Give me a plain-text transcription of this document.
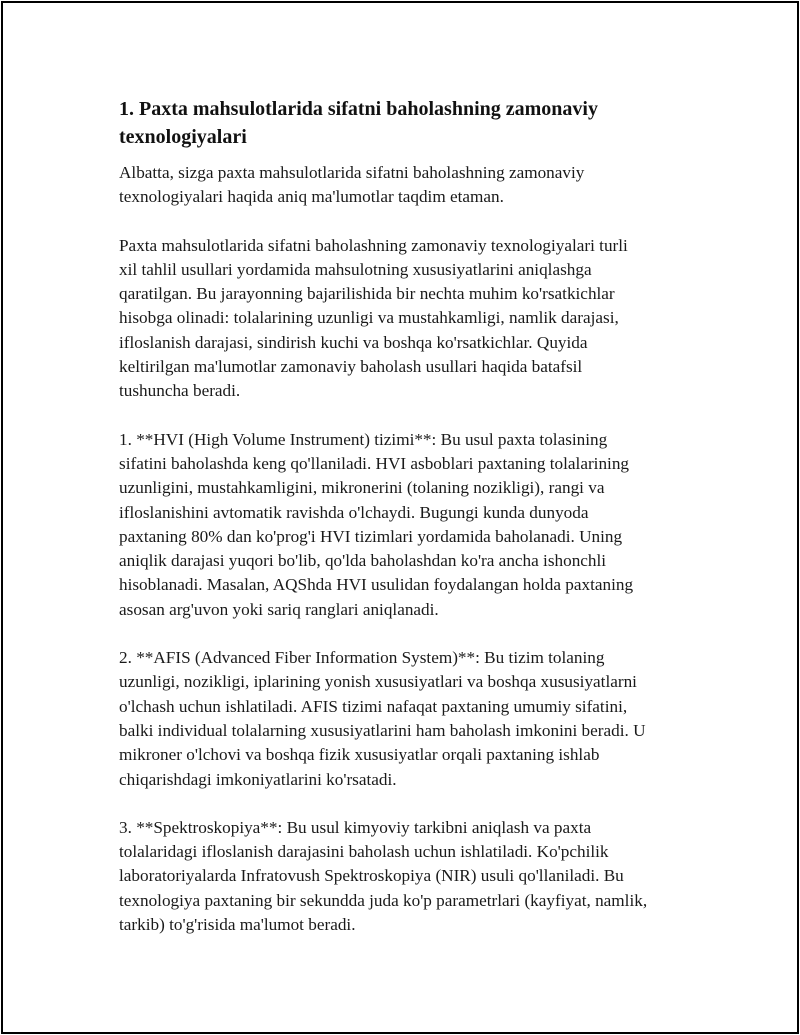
1. Paxta mahsulotlarida sifatni baholashning zamonaviy texnologiyalari

Albatta, sizga paxta mahsulotlarida sifatni baholashning zamonaviy
texnologiyalari haqida aniq ma'lumotlar taqdim etaman.

Paxta mahsulotlarida sifatni baholashning zamonaviy texnologiyalari turli
xil tahlil usullari yordamida mahsulotning xususiyatlarini aniqlashga
qaratilgan. Bu jarayonning bajarilishida bir nechta muhim ko'rsatkichlar
hisobga olinadi: tolalarining uzunligi va mustahkamligi, namlik darajasi,
ifloslanish darajasi, sindirish kuchi va boshqa ko'rsatkichlar. Quyida
keltirilgan ma'lumotlar zamonaviy baholash usullari haqida batafsil
tushuncha beradi.

1. **HVI (High Volume Instrument) tizimi**: Bu usul paxta tolasining
sifatini baholashda keng qo'llaniladi. HVI asboblari paxtaning tolalarining
uzunligini, mustahkamligini, mikronerini (tolaning nozikligi), rangi va
ifloslanishini avtomatik ravishda o'lchaydi. Bugungi kunda dunyoda
paxtaning 80% dan ko'prog'i HVI tizimlari yordamida baholanadi. Uning
aniqlik darajasi yuqori bo'lib, qo'lda baholashdan ko'ra ancha ishonchli
hisoblanadi. Masalan, AQShda HVI usulidan foydalangan holda paxtaning
asosan arg'uvon yoki sariq ranglari aniqlanadi.

2. **AFIS (Advanced Fiber Information System)**: Bu tizim tolaning
uzunligi, nozikligi, iplarining yonish xususiyatlari va boshqa xususiyatlarni
o'lchash uchun ishlatiladi. AFIS tizimi nafaqat paxtaning umumiy sifatini,
balki individual tolalarning xususiyatlarini ham baholash imkonini beradi. U
mikroner o'lchovi va boshqa fizik xususiyatlar orqali paxtaning ishlab
chiqarishdagi imkoniyatlarini ko'rsatadi.

3. **Spektroskopiya**: Bu usul kimyoviy tarkibni aniqlash va paxta
tolalaridagi ifloslanish darajasini baholash uchun ishlatiladi. Ko'pchilik
laboratoriyalarda Infratovush Spektroskopiya (NIR) usuli qo'llaniladi. Bu
texnologiya paxtaning bir sekundda juda ko'p parametrlari (kayfiyat, namlik,
tarkib) to'g'risida ma'lumot beradi.
